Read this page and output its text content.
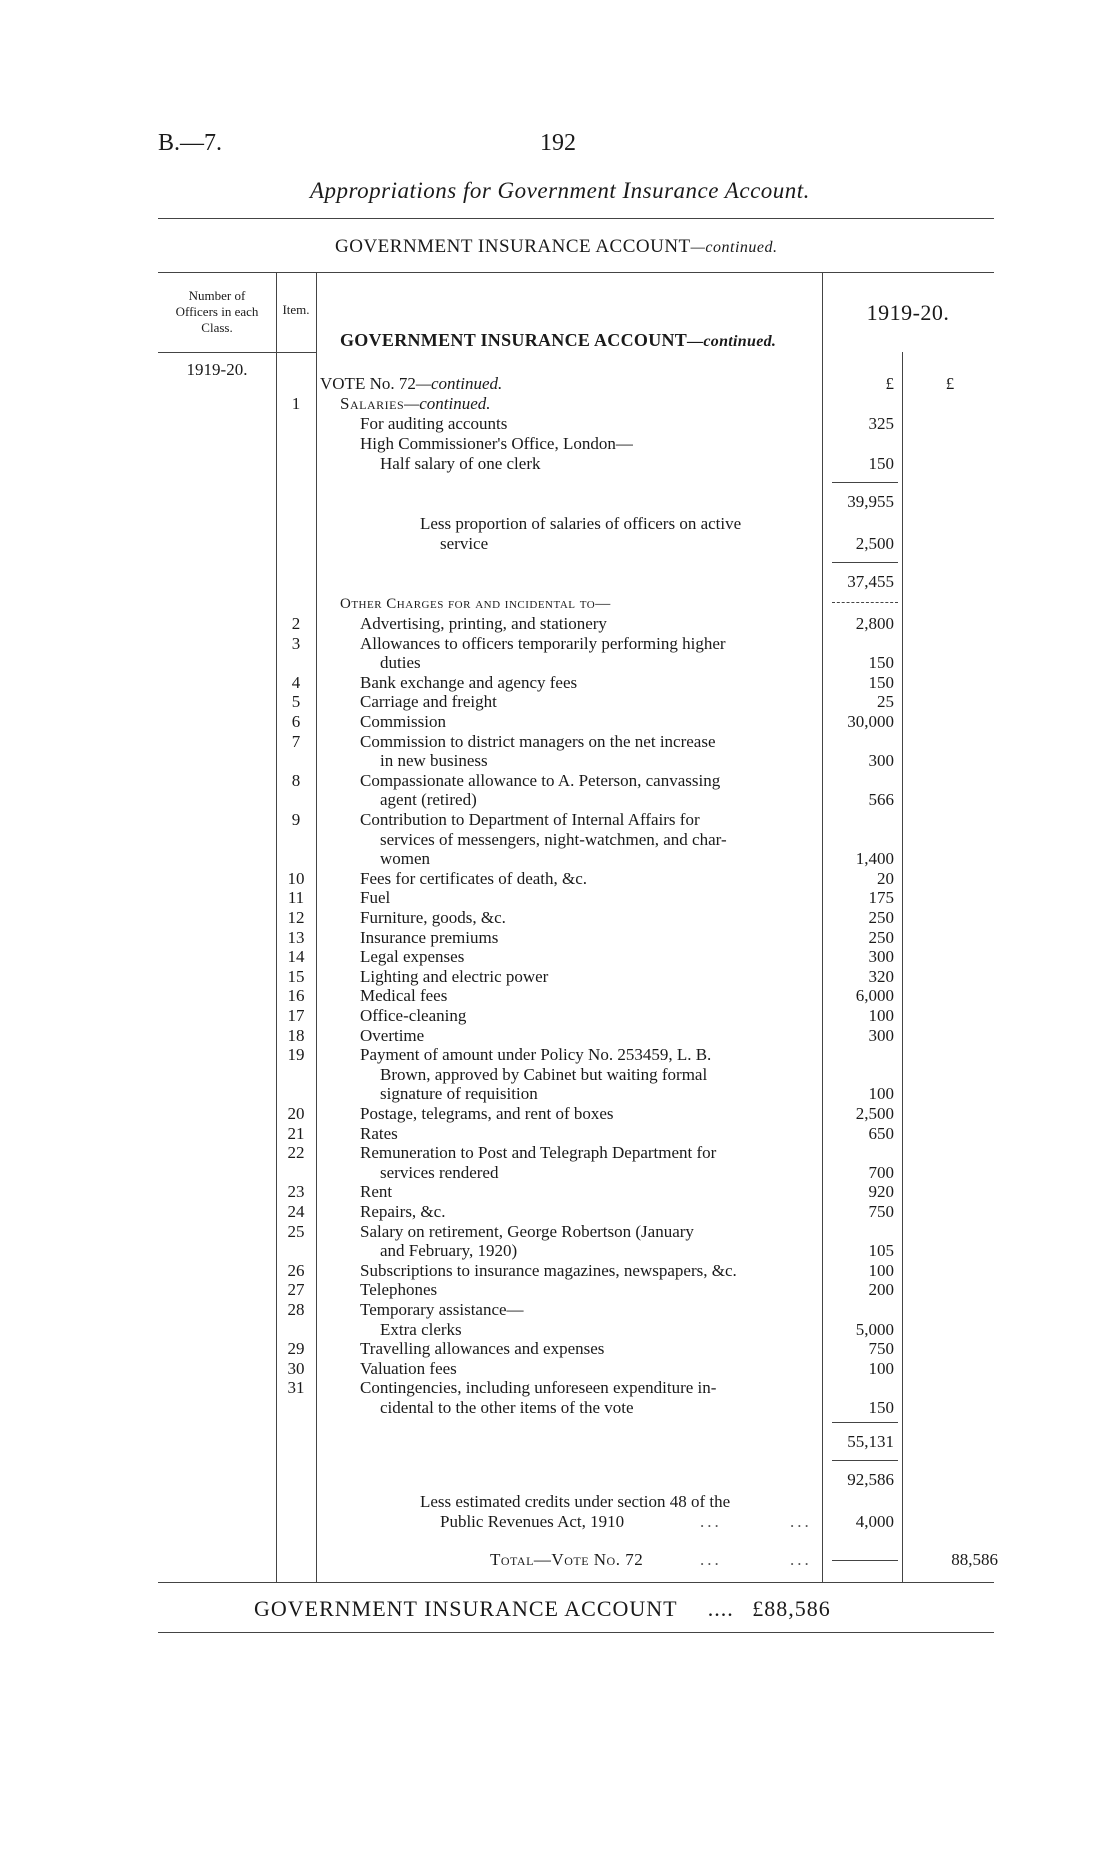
B.—7.	192
Appropriations for Government Insurance Account.
GOVERNMENT INSURANCE ACCOUNT—continued.
Number of
Officers in each
Class.
Item.
GOVERNMENT INSURANCE ACCOUNT—continued.
1919-20.
1919-20.
£	£
VOTE No. 72—continued.
1	Salaries—continued.
For auditing accounts	325
High Commissioner's Office, London—
Half salary of one clerk	150
39,955
Less proportion of salaries of officers on active
service	2,500
37,455
Other Charges for and incidental to—
2	Advertising, printing, and stationery	2,800
3	Allowances to officers temporarily performing higher
duties	150
4	Bank exchange and agency fees	150
5	Carriage and freight	25
6	Commission	30,000
7	Commission to district managers on the net increase
in new business	300
8	Compassionate allowance to A. Peterson, canvassing
agent (retired)	566
9	Contribution to Department of Internal Affairs for
services of messengers, night-watchmen, and char-
women	1,400
10	Fees for certificates of death, &c.	20
11	Fuel	175
12	Furniture, goods, &c.	250
13	Insurance premiums	250
14	Legal expenses	300
15	Lighting and electric power	320
16	Medical fees	6,000
17	Office-cleaning	100
18	Overtime	300
19	Payment of amount under Policy No. 253459, L. B.
Brown, approved by Cabinet but waiting formal
signature of requisition	100
20	Postage, telegrams, and rent of boxes	2,500
21	Rates	650
22	Remuneration to Post and Telegraph Department for
services rendered	700
23	Rent	920
24	Repairs, &c.	750
25	Salary on retirement, George Robertson (January
and February, 1920)	105
26	Subscriptions to insurance magazines, newspapers, &c.	100
27	Telephones	200
28	Temporary assistance—
Extra clerks	5,000
29	Travelling allowances and expenses	750
30	Valuation fees	100
31	Contingencies, including unforeseen expenditure in-
cidental to the other items of the vote	150
55,131
92,586
Less estimated credits under section 48 of the
Public Revenues Act, 1910	...	...	4,000
Total—Vote No. 72	...	...	88,586
GOVERNMENT INSURANCE ACCOUNT .... £88,586
